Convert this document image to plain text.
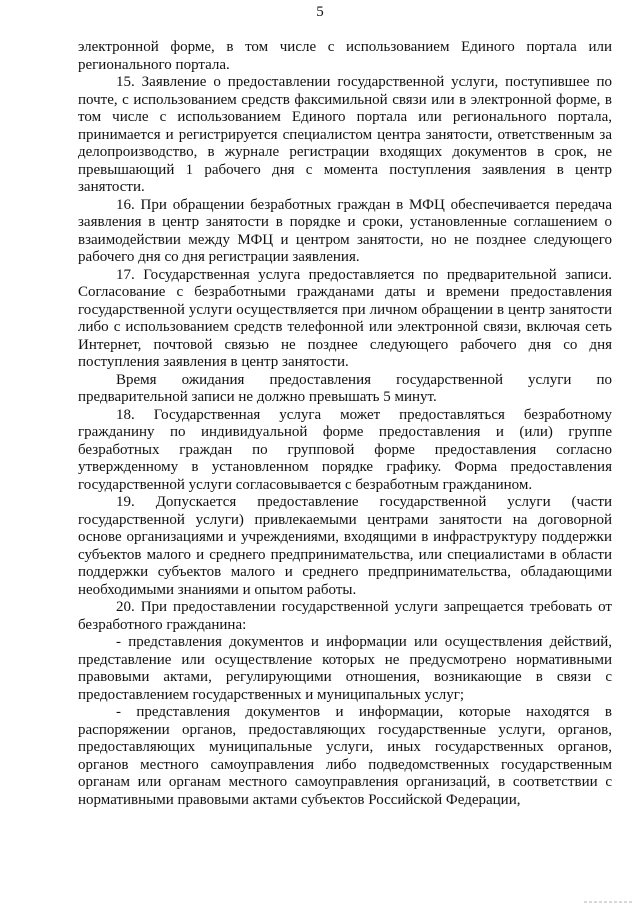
5

электронной форме, в том числе с использованием Единого портала или регионального портала.

15. Заявление о предоставлении государственной услуги, поступившее по почте, с использованием средств факсимильной связи или в электронной форме, в том числе с использованием Единого портала или регионального портала, принимается и регистрируется специалистом центра занятости, ответственным за делопроизводство, в журнале регистрации входящих документов в срок, не превышающий 1 рабочего дня с момента поступления заявления в центр занятости.

16. При обращении безработных граждан в МФЦ обеспечивается передача заявления в центр занятости в порядке и сроки, установленные соглашением о взаимодействии между МФЦ и центром занятости, но не позднее следующего рабочего дня со дня регистрации заявления.

17. Государственная услуга предоставляется по предварительной записи. Согласование с безработными гражданами даты и времени предоставления государственной услуги осуществляется при личном обращении в центр занятости либо с использованием средств телефонной или электронной связи, включая сеть Интернет, почтовой связью не позднее следующего рабочего дня со дня поступления заявления в центр занятости.

Время ожидания предоставления государственной услуги по предварительной записи не должно превышать 5 минут.

18. Государственная услуга может предоставляться безработному гражданину по индивидуальной форме предоставления и (или) группе безработных граждан по групповой форме предоставления согласно утвержденному в установленном порядке графику. Форма предоставления государственной услуги согласовывается с безработным гражданином.

19. Допускается предоставление государственной услуги (части государственной услуги) привлекаемыми центрами занятости на договорной основе организациями и учреждениями, входящими в инфраструктуру поддержки субъектов малого и среднего предпринимательства, или специалистами в области поддержки субъектов малого и среднего предпринимательства, обладающими необходимыми знаниями и опытом работы.

20. При предоставлении государственной услуги запрещается требовать от безработного гражданина:

- представления документов и информации или осуществления действий, представление или осуществление которых не предусмотрено нормативными правовыми актами, регулирующими отношения, возникающие в связи с предоставлением государственных и муниципальных услуг;

- представления документов и информации, которые находятся в распоряжении органов, предоставляющих государственные услуги, органов, предоставляющих муниципальные услуги, иных государственных органов, органов местного самоуправления либо подведомственных государственным органам или органам местного самоуправления организаций, в соответствии с нормативными правовыми актами субъектов Российской Федерации,
